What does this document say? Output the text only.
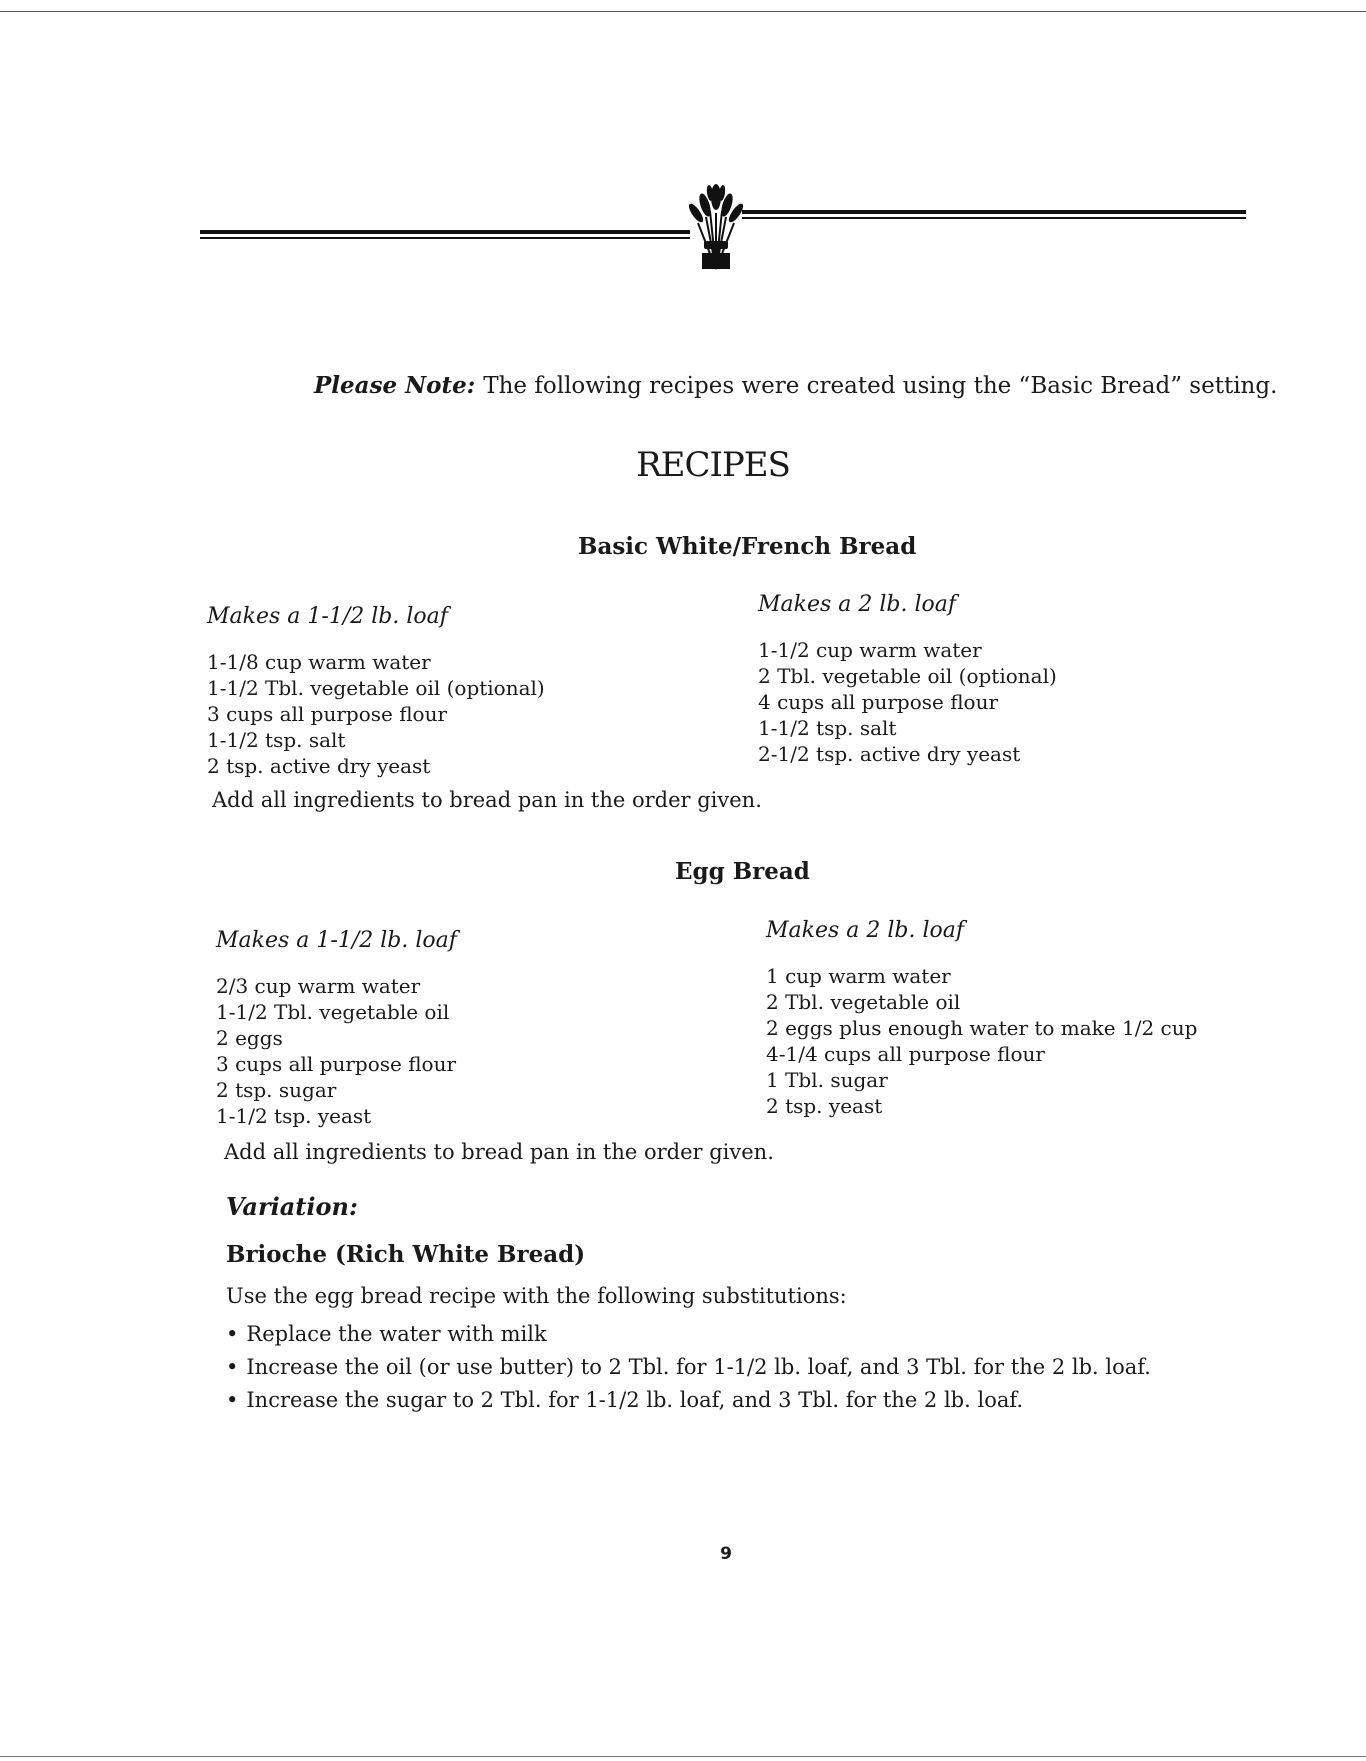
Please Note: The following recipes were created using the “Basic Bread” setting.
RECIPES
Basic White/French Bread
Makes a 1-1/2 lb. loaf
1-1/8 cup warm water
1-1/2 Tbl. vegetable oil (optional)
3 cups all purpose flour
1-1/2 tsp. salt
2 tsp. active dry yeast
Makes a 2 lb. loaf
1-1/2 cup warm water
2 Tbl. vegetable oil (optional)
4 cups all purpose flour
1-1/2 tsp. salt
2-1/2 tsp. active dry yeast
Add all ingredients to bread pan in the order given.
Egg Bread
Makes a 1-1/2 lb. loaf
2/3 cup warm water
1-1/2 Tbl. vegetable oil
2 eggs
3 cups all purpose flour
2 tsp. sugar
1-1/2 tsp. yeast
Makes a 2 lb. loaf
1 cup warm water
2 Tbl. vegetable oil
2 eggs plus enough water to make 1/2 cup
4-1/4 cups all purpose flour
1 Tbl. sugar
2 tsp. yeast
Add all ingredients to bread pan in the order given.
Variation:
Brioche (Rich White Bread)
Use the egg bread recipe with the following substitutions:
• Replace the water with milk
• Increase the oil (or use butter) to 2 Tbl. for 1-1/2 lb. loaf, and 3 Tbl. for the 2 lb. loaf.
• Increase the sugar to 2 Tbl. for 1-1/2 lb. loaf, and 3 Tbl. for the 2 lb. loaf.
9
